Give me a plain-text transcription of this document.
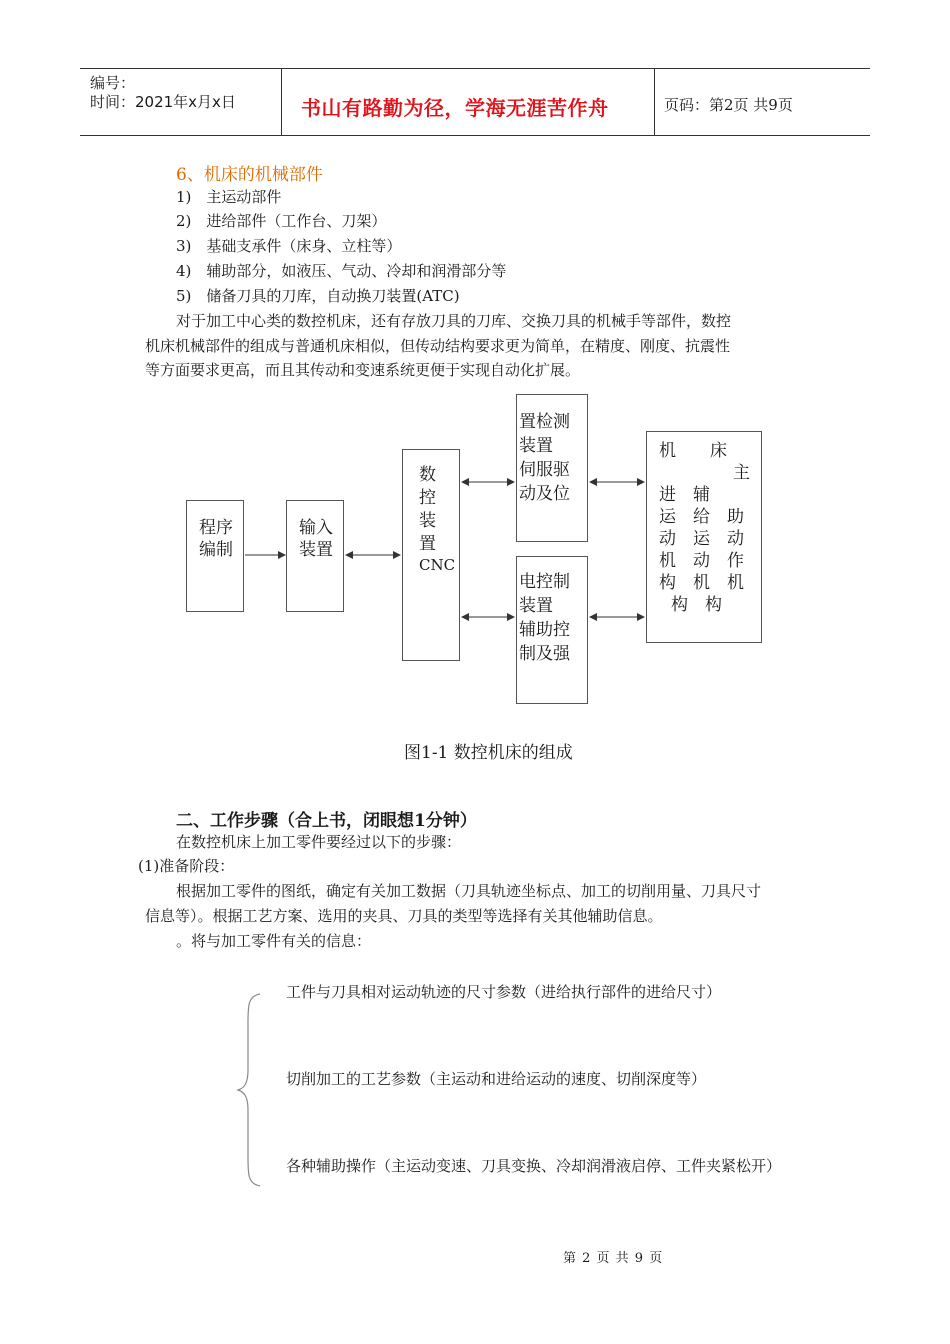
编号：
时间：2021年x月x日	书山有路勤为径，学海无涯苦作舟	页码：第2页 共9页
6、机床的机械部件
1)　主运动部件
2)　进给部件（工作台、刀架）
3)　基础支承件（床身、立柱等）
4)　辅助部分，如液压、气动、冷却和润滑部分等
5)　储备刀具的刀库，自动换刀装置(ATC)
对于加工中心类的数控机床，还有存放刀具的刀库、交换刀具的机械手等部件，数控
机床机械部件的组成与普通机床相似，但传动结构要求更为简单，在精度、刚度、抗震性
等方面要求更高，而且其传动和变速系统更便于实现自动化扩展。
程序
编制
输入
装置
数
控
装
置
CNC
置检测
装置
伺服驱
动及位
电控制
装置
辅助控
制及强
机　　床
主
进　辅
运　给　助
动　运　动
机　动　作
构　机　机
构　构
图1-1 数控机床的组成
二、工作步骤（合上书，闭眼想1分钟）
在数控机床上加工零件要经过以下的步骤：
(1)准备阶段：
根据加工零件的图纸，确定有关加工数据（刀具轨迹坐标点、加工的切削用量、刀具尺寸
信息等）。根据工艺方案、选用的夹具、刀具的类型等选择有关其他辅助信息。
。将与加工零件有关的信息：
工件与刀具相对运动轨迹的尺寸参数（进给执行部件的进给尺寸）
切削加工的工艺参数（主运动和进给运动的速度、切削深度等）
各种辅助操作（主运动变速、刀具变换、冷却润滑液启停、工件夹紧松开）
第 2 页 共 9 页
